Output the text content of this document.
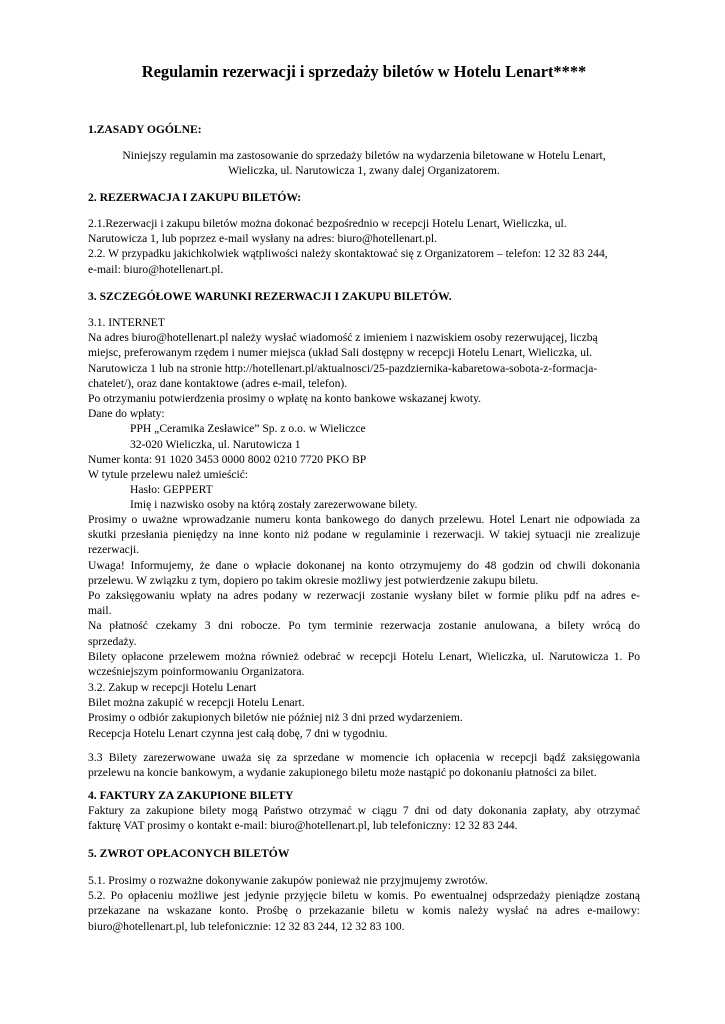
Regulamin rezerwacji i sprzedaży biletów w Hotelu Lenart****
1.ZASADY OGÓLNE:
Niniejszy regulamin ma zastosowanie do sprzedaży biletów na wydarzenia biletowane w Hotelu Lenart,
Wieliczka, ul. Narutowicza 1, zwany dalej Organizatorem.
2. REZERWACJA I ZAKUPU BILETÓW:
2.1.Rezerwacji i zakupu biletów można dokonać bezpośrednio w recepcji Hotelu Lenart, Wieliczka, ul.
Narutowicza 1, lub poprzez e-mail wysłany na adres: biuro@hotellenart.pl.
2.2. W przypadku jakichkolwiek wątpliwości należy skontaktować się z Organizatorem – telefon: 12 32 83 244,
e-mail: biuro@hotellenart.pl.
3. SZCZEGÓŁOWE WARUNKI REZERWACJI I ZAKUPU BILETÓW.
3.1. INTERNET
Na adres biuro@hotellenart.pl należy wysłać wiadomość z imieniem i nazwiskiem osoby rezerwującej, liczbą
miejsc, preferowanym rzędem i numer miejsca (układ Sali dostępny w recepcji Hotelu Lenart, Wieliczka, ul.
Narutowicza 1 lub na stronie http://hotellenart.pl/aktualnosci/25-pazdziernika-kabaretowa-sobota-z-formacja-
chatelet/), oraz dane kontaktowe (adres e-mail, telefon).
Po otrzymaniu potwierdzenia prosimy o wpłatę na konto bankowe wskazanej kwoty.
Dane do wpłaty:
PPH „Ceramika Zesławice” Sp. z o.o. w Wieliczce
32-020 Wieliczka, ul. Narutowicza 1
Numer konta: 91 1020 3453 0000 8002 0210 7720 PKO BP
W tytule przelewu należ umieścić:
Hasło: GEPPERT
Imię i nazwisko osoby na którą zostały zarezerwowane bilety.
Prosimy o uważne wprowadzanie numeru konta bankowego do danych przelewu. Hotel Lenart nie odpowiada za
skutki przesłania pieniędzy na inne konto niż podane w regulaminie i rezerwacji. W takiej sytuacji nie zrealizuje
rezerwacji.
Uwaga! Informujemy, że dane o wpłacie dokonanej na konto otrzymujemy do 48 godzin od chwili dokonania
przelewu. W związku z tym, dopiero po takim okresie możliwy jest potwierdzenie zakupu biletu.
Po zaksięgowaniu wpłaty na adres podany w rezerwacji zostanie wysłany bilet w formie pliku pdf na adres e-
mail.
Na płatność czekamy 3 dni robocze. Po tym terminie rezerwacja zostanie anulowana, a bilety wrócą do
sprzedaży.
Bilety opłacone przelewem można również odebrać w recepcji Hotelu Lenart, Wieliczka, ul. Narutowicza 1. Po
wcześniejszym poinformowaniu Organizatora.
3.2. Zakup w recepcji Hotelu Lenart
Bilet można zakupić w recepcji Hotelu Lenart.
Prosimy o odbiór zakupionych biletów nie później niż 3 dni przed wydarzeniem.
Recepcja Hotelu Lenart czynna jest całą dobę, 7 dni w tygodniu.
3.3 Bilety zarezerwowane uważa się za sprzedane w momencie ich opłacenia w recepcji bądź zaksięgowania
przelewu na koncie bankowym, a wydanie zakupionego biletu może nastąpić po dokonaniu płatności za bilet.
4. FAKTURY ZA ZAKUPIONE BILETY
Faktury za zakupione bilety mogą Państwo otrzymać w ciągu 7 dni od daty dokonania zapłaty, aby otrzymać
fakturę VAT prosimy o kontakt e-mail: biuro@hotellenart.pl, lub telefoniczny: 12 32 83 244.
5. ZWROT OPŁACONYCH BILETÓW
5.1. Prosimy o rozważne dokonywanie zakupów ponieważ nie przyjmujemy zwrotów.
5.2. Po opłaceniu możliwe jest jedynie przyjęcie biletu w komis. Po ewentualnej odsprzedaży pieniądze zostaną
przekazane na wskazane konto. Prośbę o przekazanie biletu w komis należy wysłać na adres e-mailowy:
biuro@hotellenart.pl, lub telefonicznie: 12 32 83 244, 12 32 83 100.
